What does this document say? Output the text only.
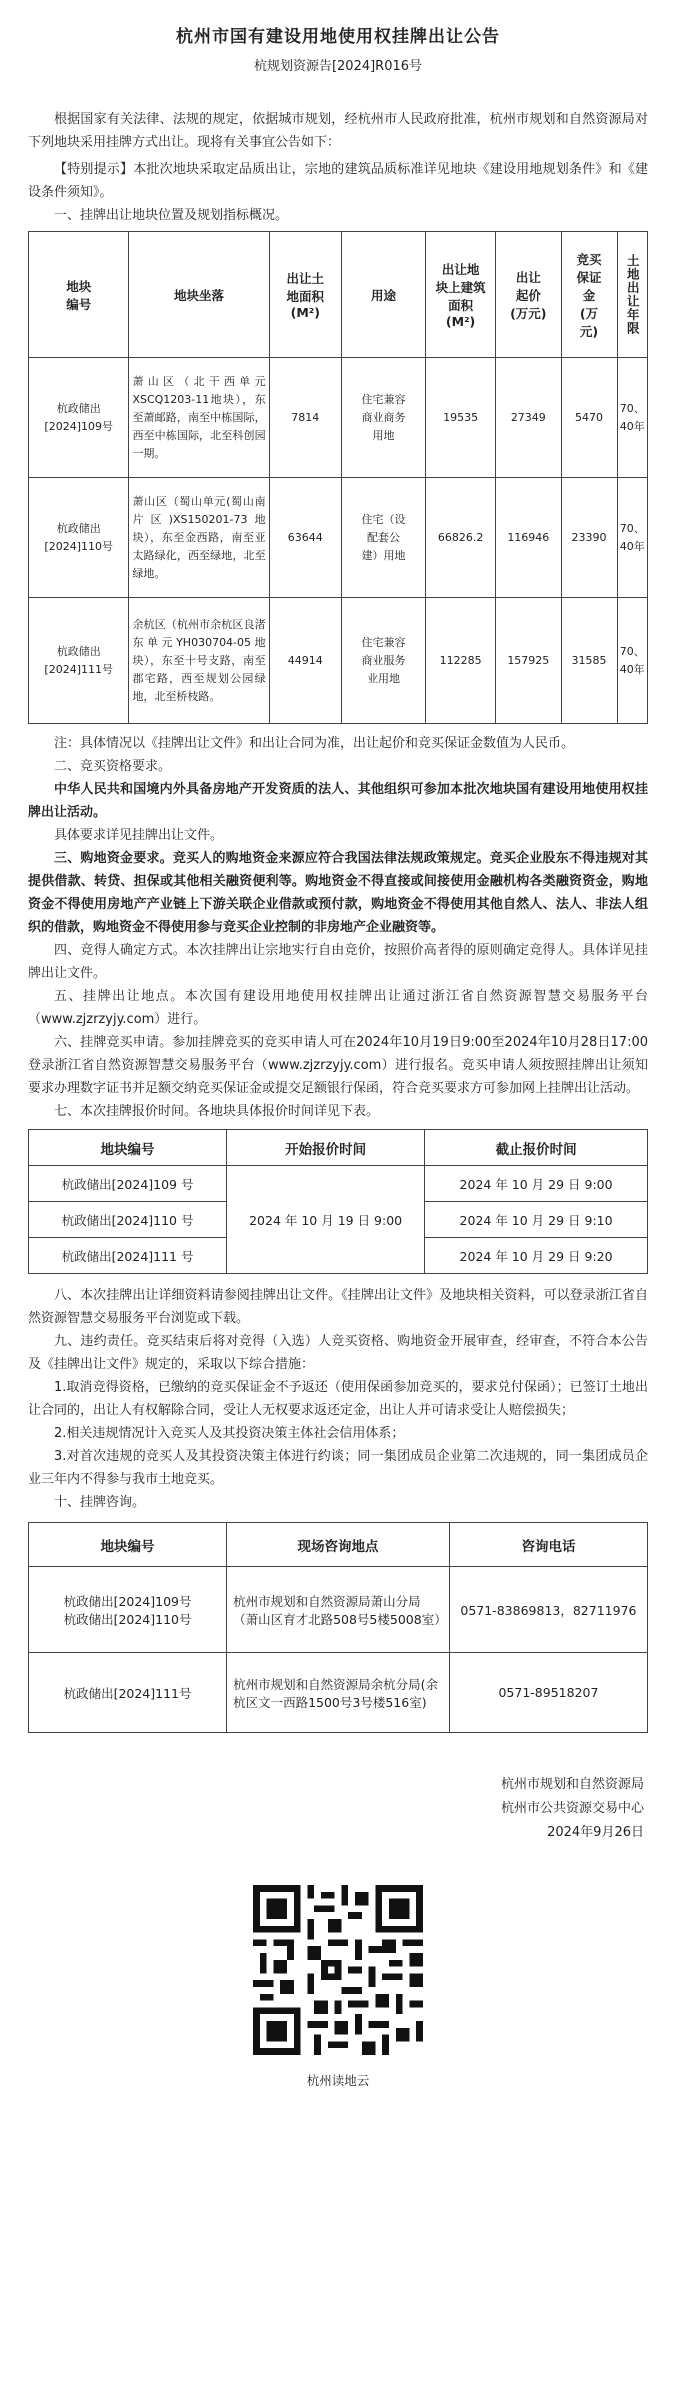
杭州市国有建设用地使用权挂牌出让公告
杭规划资源告[2024]R016号

根据国家有关法律、法规的规定，依据城市规划，经杭州市人民政府批准，杭州市规划和自然资源局对下列地块采用挂牌方式出让。现将有关事宜公告如下：

【特别提示】本批次地块采取定品质出让，宗地的建筑品质标准详见地块《建设用地规划条件》和《建设条件须知》。

一、挂牌出让地块位置及规划指标概况。

地块
编号	地块坐落	出让土
地面积
(M²)	用途	出让地
块上建筑
面积
(M²)	出让
起价
(万元)	竞买
保证
金
(万
元)	土地出让年限

杭政储出
[2024]109号	萧山区（北干西单元XSCQ1203-11地块），东至萧邮路，南至中栋国际，西至中栋国际，北至科创园一期。	7814	住宅兼容
商业商务
用地	19535	27349	5470	70、
40年
杭政储出
[2024]110号	萧山区（蜀山单元(蜀山南片区)XS150201-73地块），东至金西路，南至亚太路绿化，西至绿地，北至绿地。	63644	住宅（设
配套公
建）用地	66826.2	116946	23390	70、
40年
杭政储出
[2024]111号	余杭区（杭州市余杭区良渚东单元YH030704-05地块），东至十号支路，南至郡宅路，西至规划公园绿地，北至桥枝路。	44914	住宅兼容
商业服务
业用地	112285	157925	31585	70、
40年

注：具体情况以《挂牌出让文件》和出让合同为准，出让起价和竞买保证金数值为人民币。

二、竞买资格要求。

中华人民共和国境内外具备房地产开发资质的法人、其他组织可参加本批次地块国有建设用地使用权挂牌出让活动。

具体要求详见挂牌出让文件。

三、购地资金要求。竞买人的购地资金来源应符合我国法律法规政策规定。竞买企业股东不得违规对其提供借款、转贷、担保或其他相关融资便利等。购地资金不得直接或间接使用金融机构各类融资资金，购地资金不得使用房地产产业链上下游关联企业借款或预付款，购地资金不得使用其他自然人、法人、非法人组织的借款，购地资金不得使用参与竞买企业控制的非房地产企业融资等。

四、竞得人确定方式。本次挂牌出让宗地实行自由竞价，按照价高者得的原则确定竞得人。具体详见挂牌出让文件。

五、挂牌出让地点。本次国有建设用地使用权挂牌出让通过浙江省自然资源智慧交易服务平台（www.zjzrzyjy.com）进行。

六、挂牌竞买申请。参加挂牌竞买的竞买申请人可在2024年10月19日9:00至2024年10月28日17:00登录浙江省自然资源智慧交易服务平台（www.zjzrzyjy.com）进行报名。竞买申请人须按照挂牌出让须知要求办理数字证书并足额交纳竞买保证金或提交足额银行保函，符合竞买要求方可参加网上挂牌出让活动。

七、本次挂牌报价时间。各地块具体报价时间详见下表。

地块编号	开始报价时间	截止报价时间
杭政储出[2024]109 号	2024 年 10 月 19 日 9:00	2024 年 10 月 29 日 9:00
杭政储出[2024]110 号		2024 年 10 月 29 日 9:10
杭政储出[2024]111 号		2024 年 10 月 29 日 9:20

八、本次挂牌出让详细资料请参阅挂牌出让文件。《挂牌出让文件》及地块相关资料，可以登录浙江省自然资源智慧交易服务平台浏览或下载。

九、违约责任。竞买结束后将对竞得（入选）人竞买资格、购地资金开展审查，经审查，不符合本公告及《挂牌出让文件》规定的，采取以下综合措施：

1.取消竞得资格，已缴纳的竞买保证金不予返还（使用保函参加竞买的，要求兑付保函）；已签订土地出让合同的，出让人有权解除合同，受让人无权要求返还定金，出让人并可请求受让人赔偿损失；

2.相关违规情况计入竞买人及其投资决策主体社会信用体系；

3.对首次违规的竞买人及其投资决策主体进行约谈；同一集团成员企业第二次违规的，同一集团成员企业三年内不得参与我市土地竞买。

十、挂牌咨询。

地块编号	现场咨询地点	咨询电话
杭政储出[2024]109号
杭政储出[2024]110号	杭州市规划和自然资源局萧山分局（萧山区育才北路508号5楼5008室）	0571-83869813，82711976
杭政储出[2024]111号	杭州市规划和自然资源局余杭分局(余杭区文一西路1500号3号楼516室)	0571-89518207
杭州市规划和自然资源局
杭州市公共资源交易中心
2024年9月26日
杭州读地云
